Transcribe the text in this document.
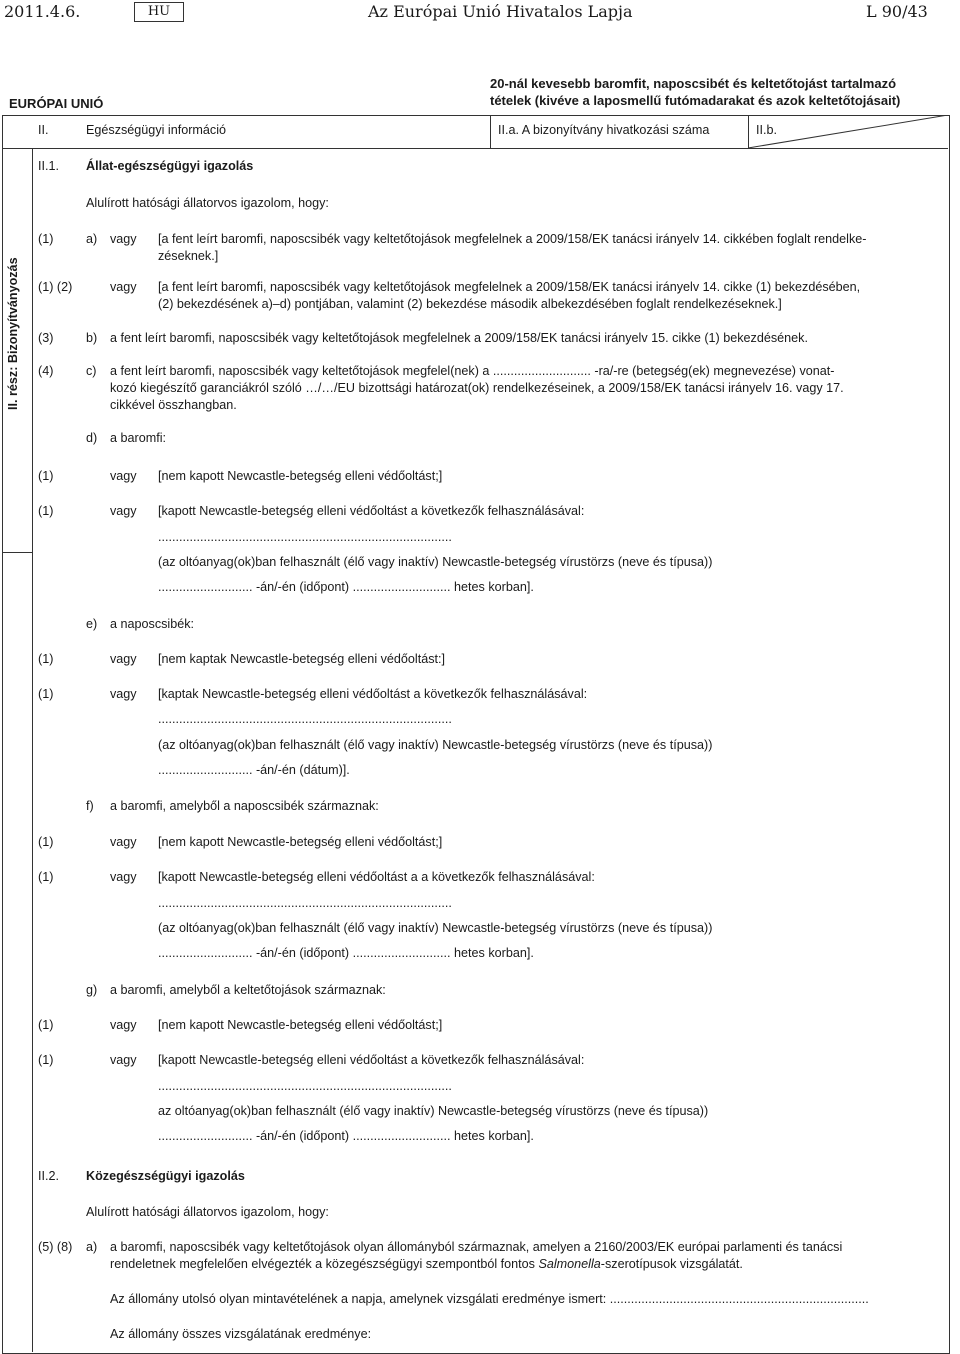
2011.4.6.	HU	Az Európai Unió Hivatalos Lapja	L 90/43
EURÓPAI UNIÓ
20-nál kevesebb baromfit, naposcsibét és keltetőtojást tartalmazó
tételek (kivéve a laposmellű futómadarakat és azok keltetőtojásait)
II.	Egészségügyi információ	II.a. A bizonyítvány hivatkozási száma	II.b.
II. rész: Bizonyítványozás
II.1. Állat-egészségügyi igazolás
Alulírott hatósági állatorvos igazolom, hogy:
(1)	a) vagy [a fent leírt baromfi, naposcsibék vagy keltetőtojások megfelelnek a 2009/158/EK tanácsi irányelv 14. cikkében foglalt rendelke-
zéseknek.]
(1) (2)	vagy [a fent leírt baromfi, naposcsibék vagy keltetőtojások megfelelnek a 2009/158/EK tanácsi irányelv 14. cikke (1) bekezdésében,
(2) bekezdésének a)–d) pontjában, valamint (2) bekezdése második albekezdésében foglalt rendelkezéseknek.]
(3)	b) a fent leírt baromfi, naposcsibék vagy keltetőtojások megfelelnek a 2009/158/EK tanácsi irányelv 15. cikke (1) bekezdésének.
(4)	c) a fent leírt baromfi, naposcsibék vagy keltetőtojások megfelel(nek) a ............................ -ra/-re (betegség(ek) megnevezése) vonat-
kozó kiegészítő garanciákról szóló …/…/EU bizottsági határozat(ok) rendelkezéseinek, a 2009/158/EK tanácsi irányelv 16. vagy 17.
cikkével összhangban.
d) a baromfi:
(1)	vagy [nem kapott Newcastle-betegség elleni védőoltást;]
(1)	vagy [kapott Newcastle-betegség elleni védőoltást a következők felhasználásával:
....................................................................................
(az oltóanyag(ok)ban felhasznált (élő vagy inaktív) Newcastle-betegség vírustörzs (neve és típusa))
........................... -án/-én (időpont) ............................ hetes korban].
e) a naposcsibék:
(1)	vagy [nem kaptak Newcastle-betegség elleni védőoltást:]
(1)	vagy [kaptak Newcastle-betegség elleni védőoltást a következők felhasználásával:
....................................................................................
(az oltóanyag(ok)ban felhasznált (élő vagy inaktív) Newcastle-betegség vírustörzs (neve és típusa))
........................... -án/-én (dátum)].
f) a baromfi, amelyből a naposcsibék származnak:
(1)	vagy [nem kapott Newcastle-betegség elleni védőoltást;]
(1)	vagy [kapott Newcastle-betegség elleni védőoltást a a következők felhasználásával:
....................................................................................
(az oltóanyag(ok)ban felhasznált (élő vagy inaktív) Newcastle-betegség vírustörzs (neve és típusa))
........................... -án/-én (időpont) ............................ hetes korban].
g) a baromfi, amelyből a keltetőtojások származnak:
(1)	vagy [nem kapott Newcastle-betegség elleni védőoltást;]
(1)	vagy [kapott Newcastle-betegség elleni védőoltást a következők felhasználásával:
....................................................................................
az oltóanyag(ok)ban felhasznált (élő vagy inaktív) Newcastle-betegség vírustörzs (neve és típusa))
........................... -án/-én (időpont) ............................ hetes korban].
II.2. Közegészségügyi igazolás
Alulírott hatósági állatorvos igazolom, hogy:
(5) (8) a) a baromfi, naposcsibék vagy keltetőtojások olyan állományból származnak, amelyen a 2160/2003/EK európai parlamenti és tanácsi
rendeletnek megfelelően elvégezték a közegészségügyi szempontból fontos Salmonella-szerotípusok vizsgálatát.
Az állomány utolsó olyan mintavételének a napja, amelynek vizsgálati eredménye ismert: ..........................................................................
Az állomány összes vizsgálatának eredménye:
